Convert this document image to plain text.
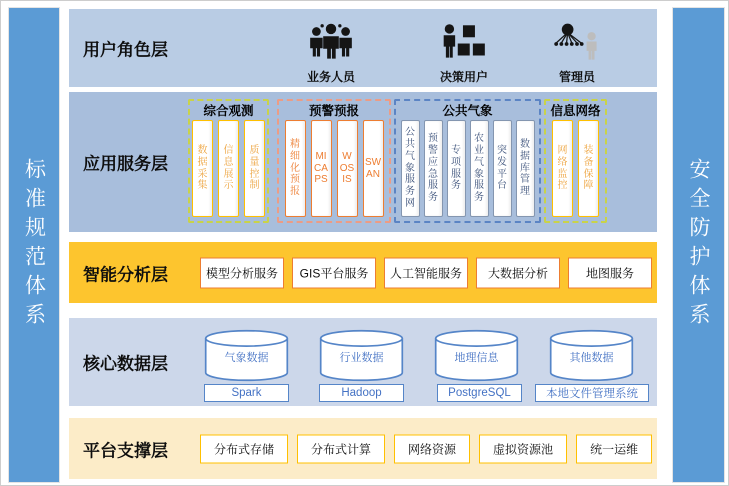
标准规范体系	安全防护体系
用户角色层
业务人员	决策用户	管理员
应用服务层
综合观测
数据采集
信息展示
质量控制
预警预报
精细化预报
MICAPS
WOSIS
SWAN
公共气象
公共气象服务网
预警应急服务
专项服务
农业气象服务
突发平台
数据库管理
信息网络
网络监控
装备保障
智能分析层	模型分析服务	GIS平台服务	人工智能服务	大数据分析	地图服务
核心数据层	气象数据	行业数据	地理信息	其他数据
Spark	Hadoop	PostgreSQL	本地文件管理系统
平台支撑层	分布式存储	分布式计算	网络资源	虚拟资源池	统一运维
